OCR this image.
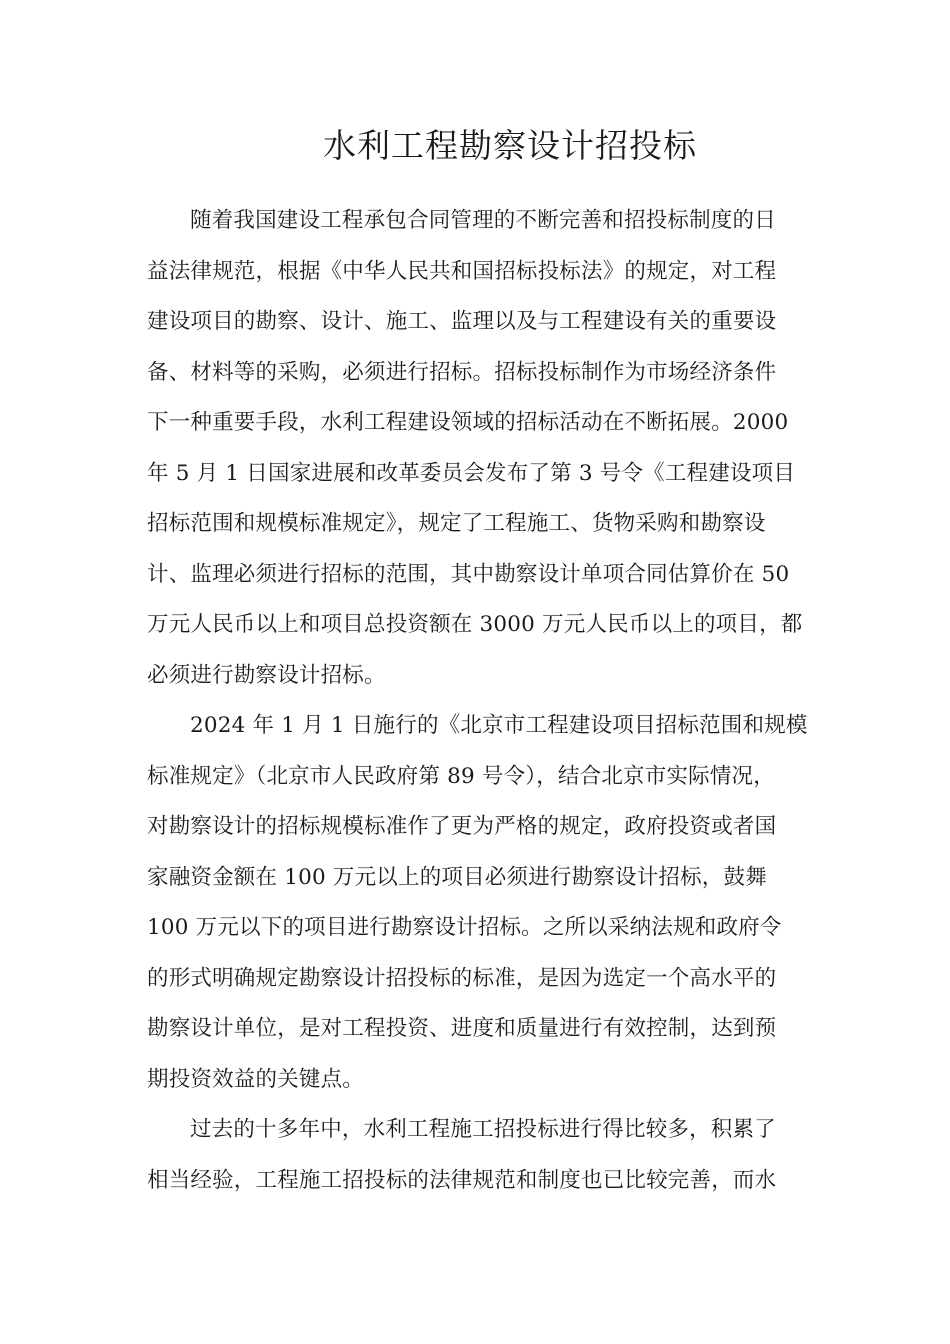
水利工程勘察设计招投标
随着我国建设工程承包合同管理的不断完善和招投标制度的日
益法律规范，根据《中华人民共和国招标投标法》的规定，对工程
建设项目的勘察、设计、施工、监理以及与工程建设有关的重要设
备、材料等的采购，必须进行招标。招标投标制作为市场经济条件
下一种重要手段，水利工程建设领域的招标活动在不断拓展。2000
年 5 月 1 日国家进展和改革委员会发布了第 3 号令《工程建设项目
招标范围和规模标准规定》，规定了工程施工、货物采购和勘察设
计、监理必须进行招标的范围，其中勘察设计单项合同估算价在 50
万元人民币以上和项目总投资额在 3000 万元人民币以上的项目，都
必须进行勘察设计招标。
2024 年 1 月 1 日施行的《北京市工程建设项目招标范围和规模
标准规定》（北京市人民政府第 89 号令），结合北京市实际情况，
对勘察设计的招标规模标准作了更为严格的规定，政府投资或者国
家融资金额在 100 万元以上的项目必须进行勘察设计招标，鼓舞
100 万元以下的项目进行勘察设计招标。之所以采纳法规和政府令
的形式明确规定勘察设计招投标的标准，是因为选定一个高水平的
勘察设计单位，是对工程投资、进度和质量进行有效控制，达到预
期投资效益的关键点。
过去的十多年中，水利工程施工招投标进行得比较多，积累了
相当经验，工程施工招投标的法律规范和制度也已比较完善，而水
